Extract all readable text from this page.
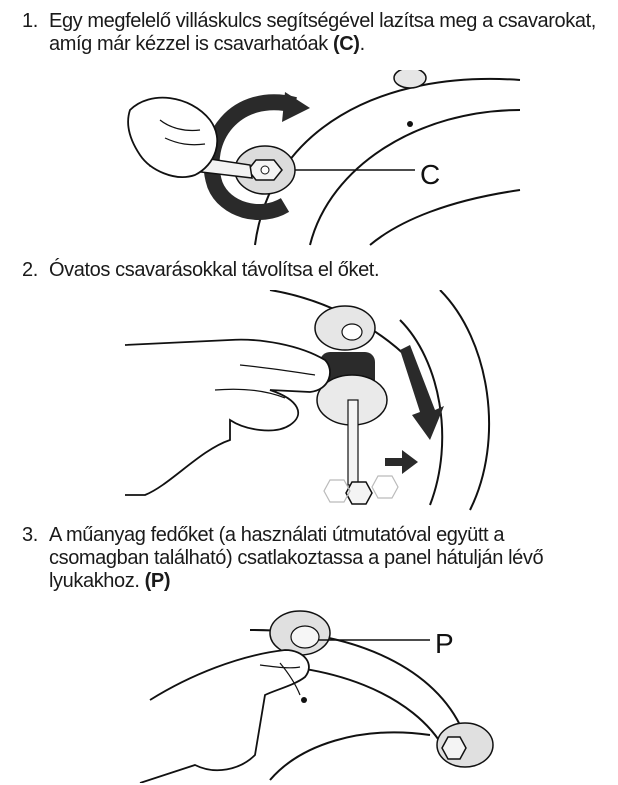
1. Egy megfelelő villáskulcs segítségével lazítsa meg a csavarokat, amíg már kézzel is csavarhatóak (C).
C
2. Óvatos csavarásokkal távolítsa el őket.
3. A műanyag fedőket (a használati útmutatóval együtt a csomagban található) csatlakoztassa a panel hátulján lévő lyukakhoz. (P)
P
